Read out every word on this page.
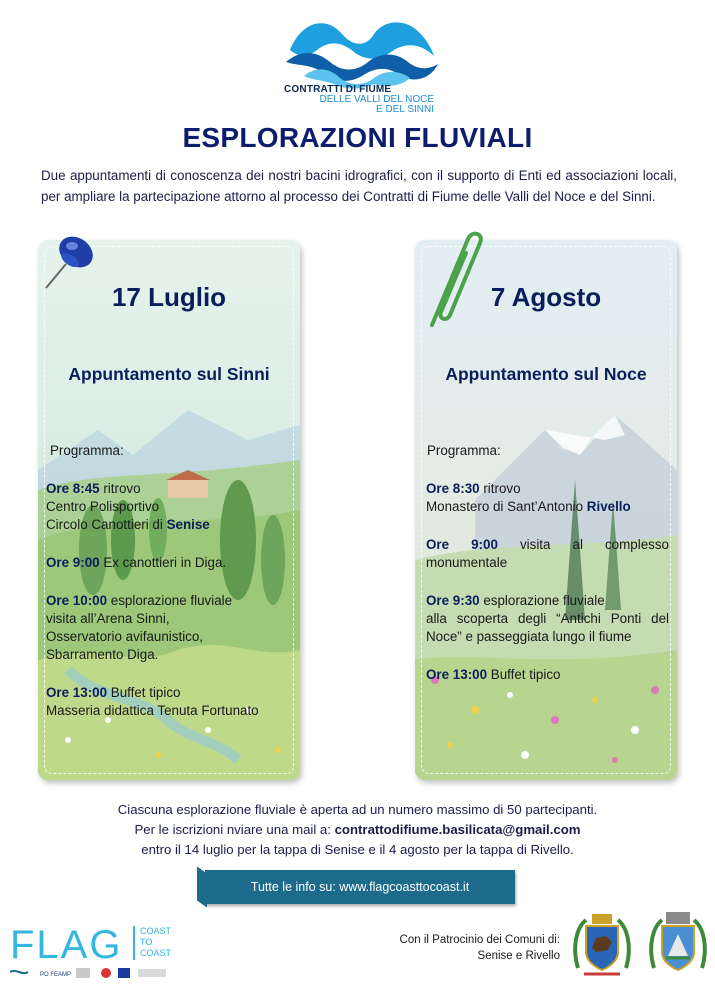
CONTRATTI DI FIUME
DELLE VALLI DEL NOCE
E DEL SINNI
ESPLORAZIONI FLUVIALI
Due appuntamenti di conoscenza dei nostri bacini idrografici, con il supporto di Enti ed associazioni locali, per ampliare la partecipazione attorno al processo dei Contratti di Fiume delle Valli del Noce e del Sinni.
17 Luglio
Appuntamento sul Sinni
Programma:
Ore 8:45 ritrovo
Centro Polisportivo
Circolo Canottieri di Senise
Ore 9:00 Ex canottieri in Diga.
Ore 10:00 esplorazione fluviale
visita all’Arena Sinni,
Osservatorio avifaunistico,
Sbarramento Diga.
Ore 13:00 Buffet tipico
Masseria didattica Tenuta Fortunato
7 Agosto
Appuntamento sul Noce
Programma:
Ore 8:30 ritrovo
Monastero di Sant’Antonio Rivello
Ore 9:00 visita al complesso monumentale
Ore 9:30 esplorazione fluviale
alla scoperta degli “Antichi Ponti del Noce” e passeggiata lungo il fiume
Ore 13:00 Buffet tipico
Ciascuna esplorazione fluviale è aperta ad un numero massimo di 50 partecipanti.
Per le iscrizioni nviare una mail a: contrattodifiume.basilicata@gmail.com
entro il 14 luglio per la tappa di Senise e il 4 agosto per la tappa di Rivello.
Tutte le info su: www.flagcoasttocoast.it
FLAG COAST
TO
COAST
PO FEAMP
Con il Patrocinio dei Comuni di:
Senise e Rivello
